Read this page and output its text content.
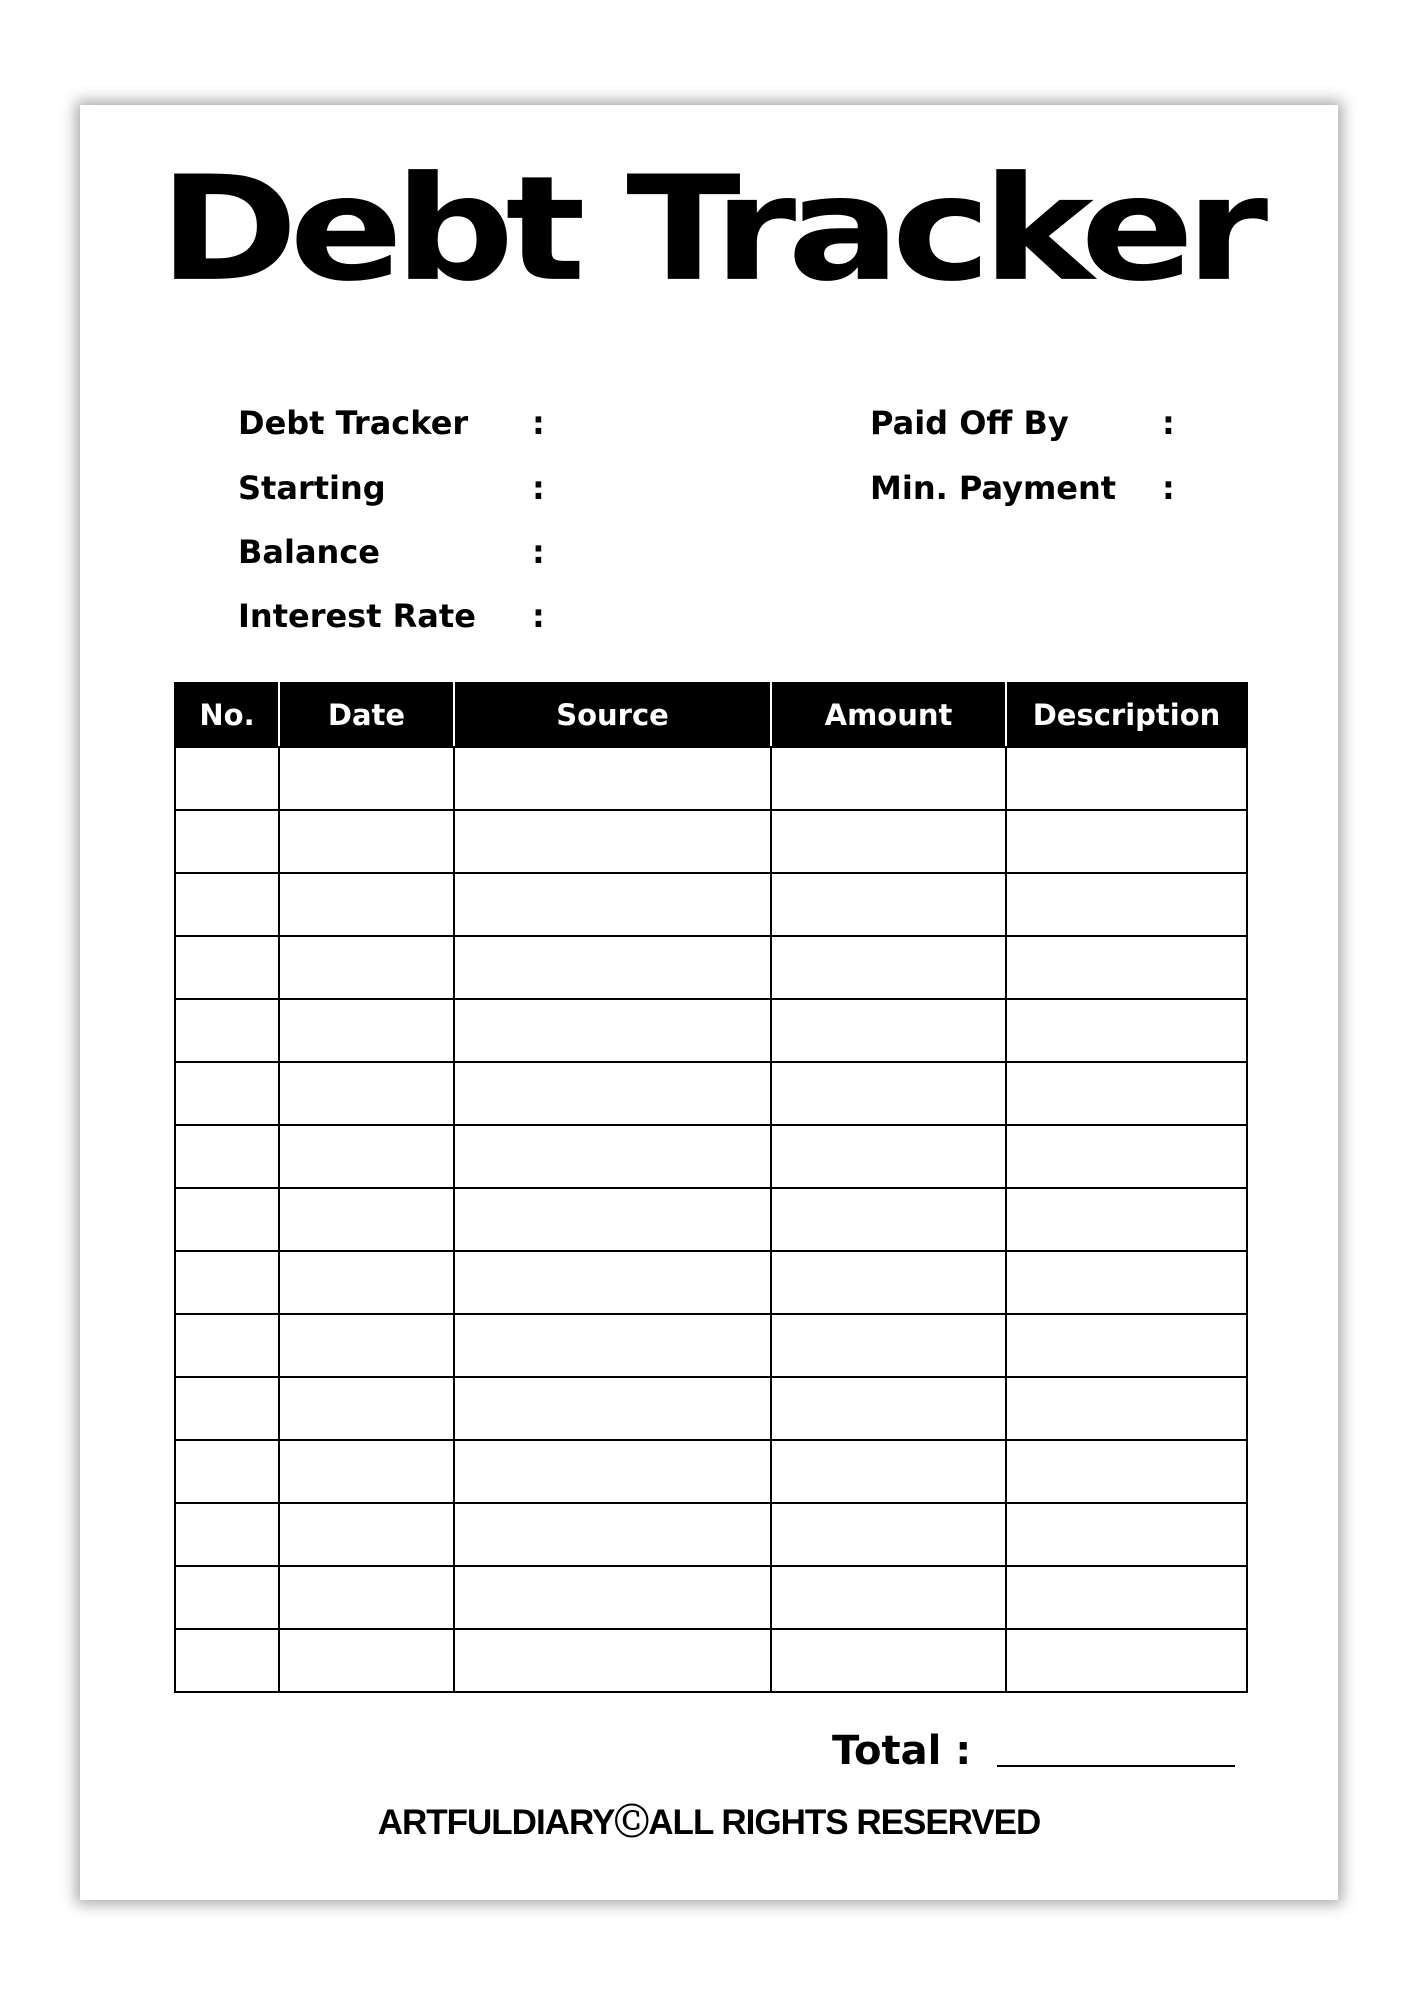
Debt Tracker
Debt Tracker :
Starting	:
Balance	:
Interest Rate :
Paid Off By	:
Min. Payment :
No.	Date	Source	Amount	Description

Total :
ARTFULDIARYⒸALL RIGHTS RESERVED
